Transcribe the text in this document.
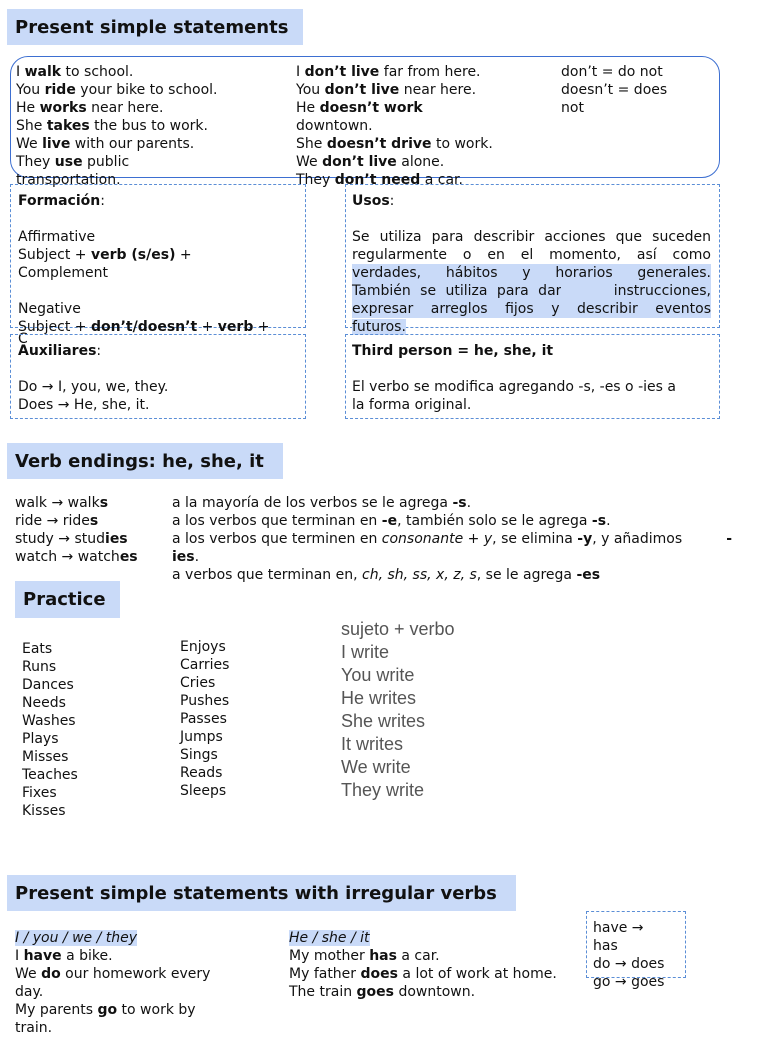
Present simple statements
I walk to school.
You ride your bike to school.
He works near here.
She takes the bus to work.
We live with our parents.
They use public
transportation.
I don’t live far from here.
You don’t live near here.
He doesn’t work
downtown.
She doesn’t drive to work.
We don’t live alone.
They don’t need a car.
don’t = do not
doesn’t = does
not
Formación:
Affirmative
Subject + verb (s/es) +
Complement
Negative
Subject + don’t/doesn’t + verb +
C
Usos:
Se utiliza para describir acciones que suceden
regularmente o en el momento, así como
verdades, hábitos y horarios generales.
También se utiliza para dar	instrucciones,
expresar arreglos fijos y describir eventos
futuros.
Auxiliares:
Do → I, you, we, they.
Does → He, she, it.
Third person = he, she, it
El verbo se modifica agregando -s, -es o -ies a
la forma original.
Verb endings: he, she, it
walk → walks
ride → rides
study → studies
watch → watches
a la mayoría de los verbos se le agrega -s.
a los verbos que terminan en -e, también solo se le agrega -s.
a los verbos que terminen en consonante + y, se elimina -y, y añadimos	-
ies.
a verbos que terminan en, ch, sh, ss, x, z, s, se le agrega -es
Practice
Eats
Runs
Dances
Needs
Washes
Plays
Misses
Teaches
Fixes
Kisses
Enjoys
Carries
Cries
Pushes
Passes
Jumps
Sings
Reads
Sleeps
sujeto + verbo
I write
You write
He writes
She writes
It writes
We write
They write
Present simple statements with irregular verbs
I / you / we / they
I have a bike.
We do our homework every
day.
My parents go to work by
train.
He / she / it
My mother has a car.
My father does a lot of work at home.
The train goes downtown.
have →
has
do → does
go → goes
